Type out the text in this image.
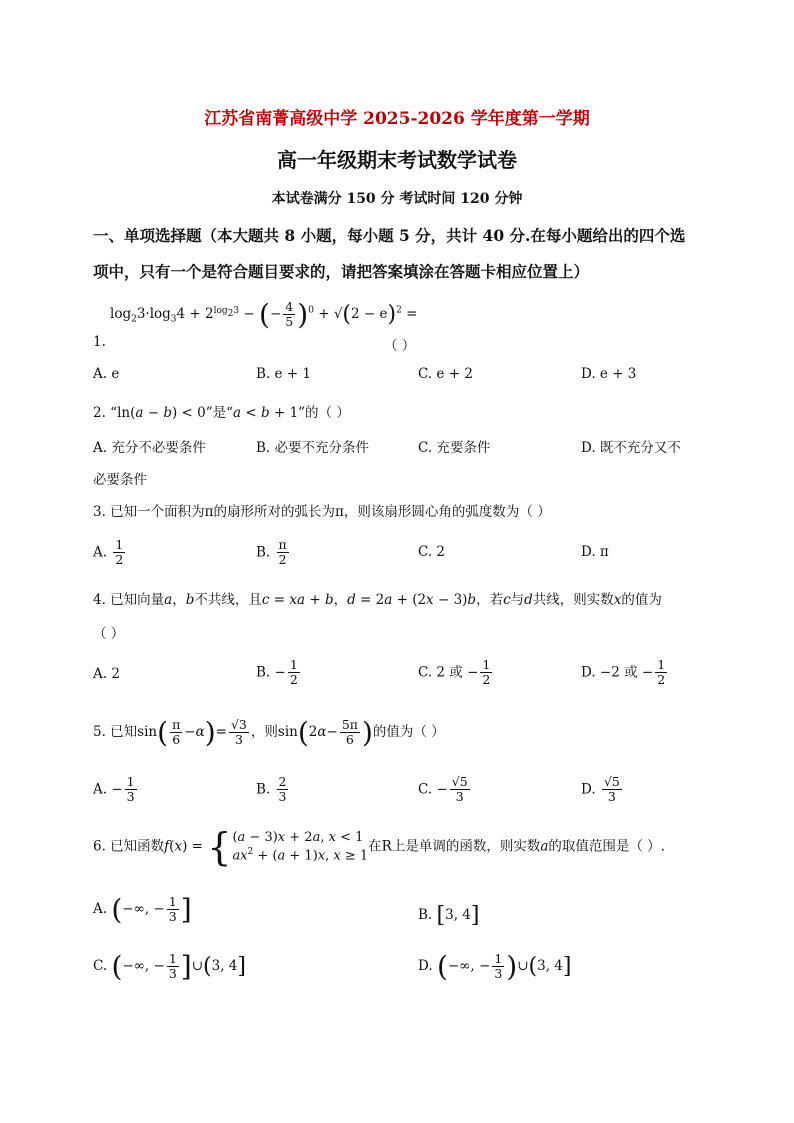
江苏省南菁高级中学 2025-2026 学年度第一学期
高一年级期末考试数学试卷
本试卷满分 150 分 考试时间 120 分钟
一、单项选择题（本大题共 8 小题，每小题 5 分，共计 40 分.在每小题给出的四个选
项中，只有一个是符合题目要求的，请把答案填涂在答题卡相应位置上）
$\log_23\cdot\log_34 + 2^{log_23}$ − (− $\frac{4}{5} )^0 + √(2 - e)^2$ =
1.	（ ）
A. e	B. e + 1	C. e + 2	D. e + 3
2. “ln(a − b) < 0”是“a < b + 1”的（ ）
A. 充分不必要条件	B. 必要不充分条件	C. 充要条件	D. 既不充分又不
必要条件
3. 已知一个面积为π的扇形所对的弧长为π，则该扇形圆心角的弧度数为（ ）
A. $\frac{1}{2}$	B. $\frac{\pi}{2}$	C. 2	D. π
4. 已知向量a，b不共线，且c = xa + b，d = 2a + (2x − 3)b，若c与d共线，则实数x的值为
（ ）
A. 2	B. − $\frac{1}{2}$	C. 2 或 − $\frac{1}{2}$	D. −2 或 − $\frac{1}{2}$
5. 已知$\sin( \frac{\pi}{6} -\alpha)= \frac{√3}{3}$ ，则$\sin(2\alpha- \frac{5\pi}{6}$ )的值为（ ）
A. − $\frac{1}{3}$	B. $\frac{2}{3}$	C. − $\frac{√5}{3}$	D. $\frac{√5}{3}$
6. 已知函数f(x) = { (a − 3)x + 2a, x < 1
$ax^2 + (a + 1)x$, x ≥ 1
在R上是单调的函数，则实数a的取值范围是（ ）.
A. (−∞, − $\frac{1}{3}$ ]	B. [3, 4]
C. (−∞, − $\frac{1}{3}$ ]∪(3, 4]	D. (−∞, − $\frac{1}{3}$ )∪(3, 4]
